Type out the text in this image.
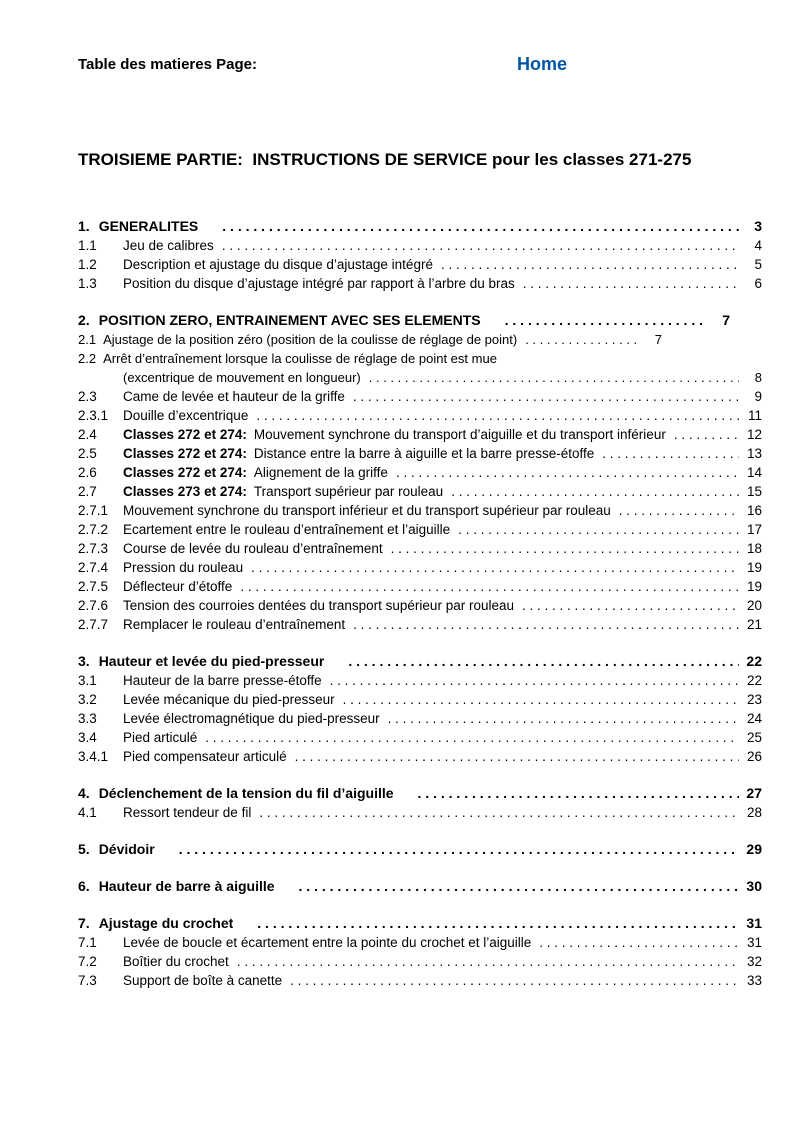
Table des matieres Page:	Home
TROISIEME PARTIE:  INSTRUCTIONS DE SERVICE pour les classes 271-275
1. GENERALITES . . .	3
1.1	Jeu de calibres . . .	4
1.2	Description et ajustage du disque d’ajustage intégré . . .	5
1.3	Position du disque d’ajustage intégré par rapport à l’arbre du bras . . .	6
2. POSITION ZERO, ENTRAINEMENT AVEC SES ELEMENTS . . .	7
2.1 Ajustage de la position zéro (position de la coulisse de réglage de point) . . .	7
2.2 Arrêt d’entraînement lorsque la coulisse de réglage de point est mue
(excentrique de mouvement en longueur) . . .	8
2.3	Came de levée et hauteur de la griffe . . .	9
2.3.1	Douille d’excentrique . . .	11
2.4	Classes 272 et 274: Mouvement synchrone du transport d’aiguille et du transport inférieur . . .	12
2.5	Classes 272 et 274: Distance entre la barre à aiguille et la barre presse-étoffe . . .	13
2.6	Classes 272 et 274: Alignement de la griffe . . .	14
2.7	Classes 273 et 274: Transport supérieur par rouleau . . .	15
2.7.1	Mouvement synchrone du transport inférieur et du transport supérieur par rouleau . . .	16
2.7.2	Ecartement entre le rouleau d’entraînement et l’aiguille . . .	17
2.7.3	Course de levée du rouleau d’entraînement . . .	18
2.7.4	Pression du rouleau . . .	19
2.7.5	Déflecteur d’étoffe . . .	19
2.7.6	Tension des courroies dentées du transport supérieur par rouleau . . .	20
2.7.7	Remplacer le rouleau d’entraînement . . .	21
3. Hauteur et levée du pied-presseur . . .	22
3.1	Hauteur de la barre presse-étoffe . . .	22
3.2	Levée mécanique du pied-presseur . . .	23
3.3	Levée électromagnétique du pied-presseur . . .	24
3.4	Pied articulé . . .	25
3.4.1	Pied compensateur articulé . . .	26
4. Déclenchement de la tension du fil d’aiguille . . .	27
4.1	Ressort tendeur de fil . . .	28
5. Dévidoir . . .	29
6. Hauteur de barre à aiguille . . .	30
7. Ajustage du crochet . . .	31
7.1	Levée de boucle et écartement entre la pointe du crochet et l’aiguille . . .	31
7.2	Boîtier du crochet . . .	32
7.3	Support de boîte à canette . . .	33
